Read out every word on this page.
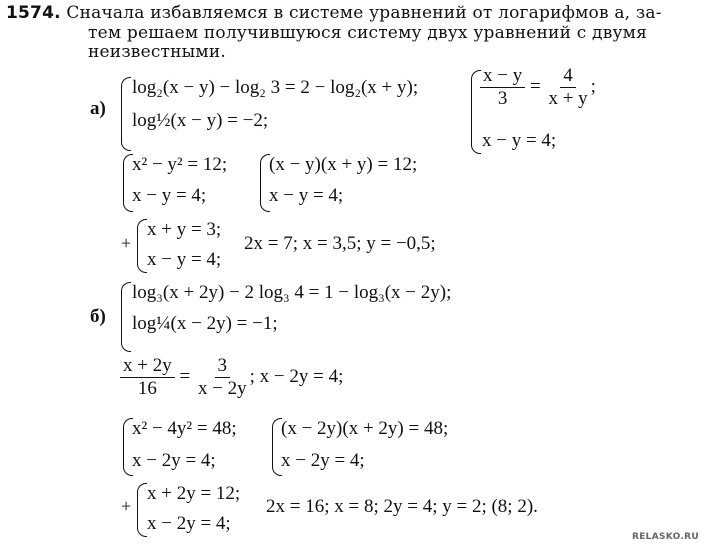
1574. Сначала избавляемся в системе уравнений от логарифмов а, за-
тем решаем получившуюся систему двух уравнений с двумя
неизвестными.
а)
log₂(x − y) − log₂ 3 = 2 − log₂(x + y);
log½(x − y) = −2;
$\frac{x - y}{3} = \frac{4}{x + y}$ ;
x − y = 4;
x² − y² = 12;
x − y = 4;
(x − y)(x + y) = 12;
x − y = 4;
+
x + y = 3;
x − y = 4;
2x = 7; x = 3,5; y = −0,5;
б)
log₃(x + 2y) − 2 log₃ 4 = 1 − log₃(x − 2y);
log¼(x − 2y) = −1;
$\frac{x + 2y}{16} = \frac{3}{x - 2y}$ ; x − 2y = 4;
x² − 4y² = 48;
x − 2y = 4;
(x − 2y)(x + 2y) = 48;
x − 2y = 4;
+
x + 2y = 12;
x − 2y = 4;
2x = 16; x = 8; 2y = 4; y = 2; (8; 2).
RELASKO.RU
